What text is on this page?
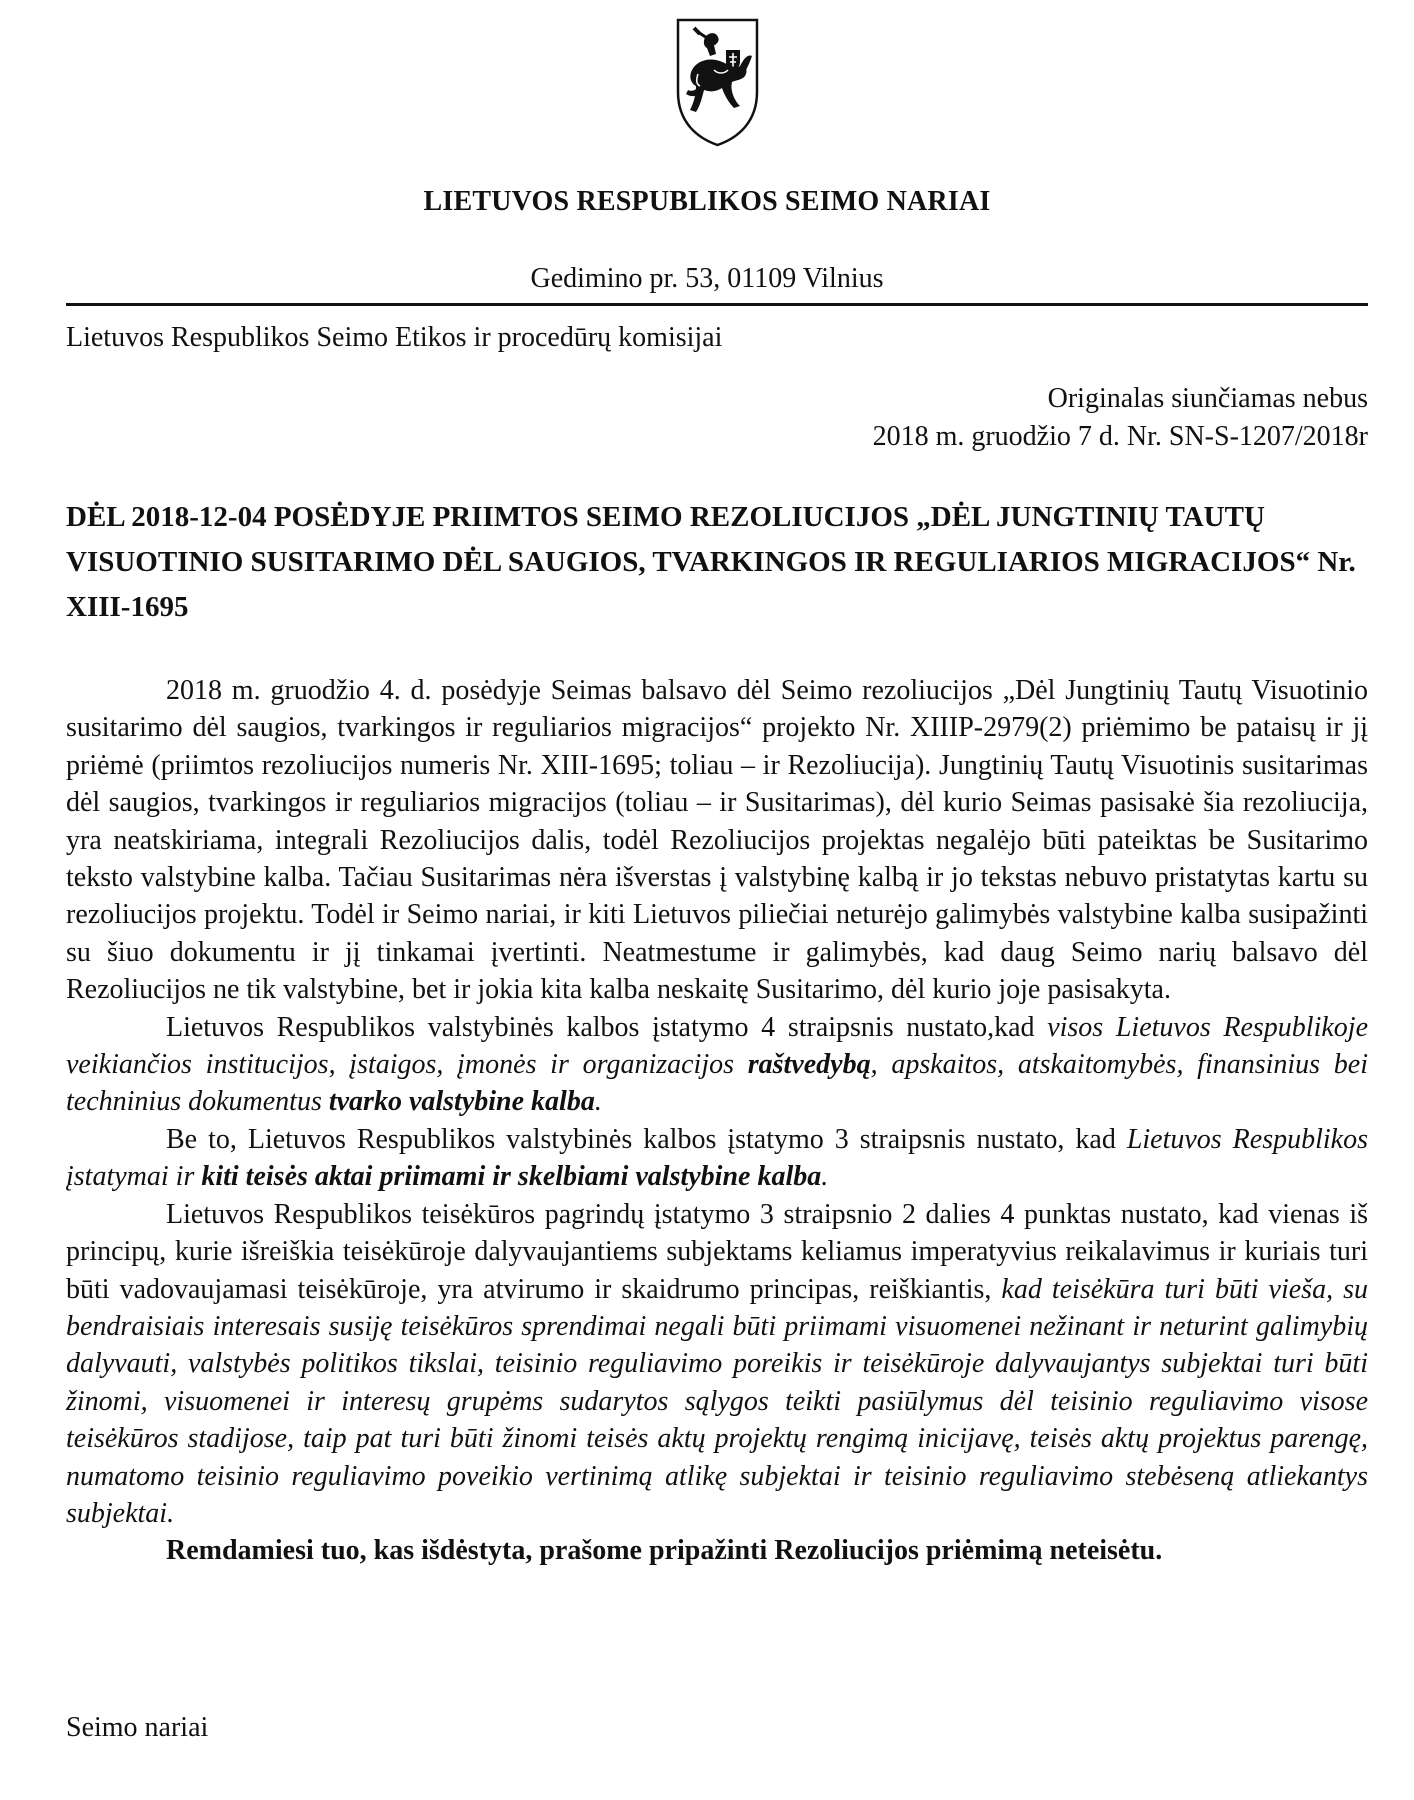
LIETUVOS RESPUBLIKOS SEIMO NARIAI
Gedimino pr. 53, 01109 Vilnius
Lietuvos Respublikos Seimo Etikos ir procedūrų komisijai
Originalas siunčiamas nebus
2018 m. gruodžio 7 d. Nr. SN-S-1207/2018r
DĖL 2018-12-04 POSĖDYJE PRIIMTOS SEIMO REZOLIUCIJOS „DĖL JUNGTINIŲ TAUTŲ VISUOTINIO SUSITARIMO DĖL SAUGIOS, TVARKINGOS IR REGULIARIOS MIGRACIJOS“ Nr. XIII-1695

2018 m. gruodžio 4. d. posėdyje Seimas balsavo dėl Seimo rezoliucijos „Dėl Jungtinių Tautų Visuotinio susitarimo dėl saugios, tvarkingos ir reguliarios migracijos“ projekto Nr. XIIIP-2979(2) priėmimo be pataisų ir jį priėmė (priimtos rezoliucijos numeris Nr. XIII-1695; toliau – ir Rezoliucija). Jungtinių Tautų Visuotinis susitarimas dėl saugios, tvarkingos ir reguliarios migracijos (toliau – ir Susitarimas), dėl kurio Seimas pasisakė šia rezoliucija, yra neatskiriama, integrali Rezoliucijos dalis, todėl Rezoliucijos projektas negalėjo būti pateiktas be Susitarimo teksto valstybine kalba. Tačiau Susitarimas nėra išverstas į valstybinę kalbą ir jo tekstas nebuvo pristatytas kartu su rezoliucijos projektu. Todėl ir Seimo nariai, ir kiti Lietuvos piliečiai neturėjo galimybės valstybine kalba susipažinti su šiuo dokumentu ir jį tinkamai įvertinti. Neatmestume ir galimybės, kad daug Seimo narių balsavo dėl Rezoliucijos ne tik valstybine, bet ir jokia kita kalba neskaitę Susitarimo, dėl kurio joje pasisakyta.

Lietuvos Respublikos valstybinės kalbos įstatymo 4 straipsnis nustato,kad visos Lietuvos Respublikoje veikiančios institucijos, įstaigos, įmonės ir organizacijos raštvedybą, apskaitos, atskaitomybės, finansinius bei techninius dokumentus tvarko valstybine kalba.

Be to, Lietuvos Respublikos valstybinės kalbos įstatymo 3 straipsnis nustato, kad Lietuvos Respublikos įstatymai ir kiti teisės aktai priimami ir skelbiami valstybine kalba.

Lietuvos Respublikos teisėkūros pagrindų įstatymo 3 straipsnio 2 dalies 4 punktas nustato, kad vienas iš principų, kurie išreiškia teisėkūroje dalyvaujantiems subjektams keliamus imperatyvius reikalavimus ir kuriais turi būti vadovaujamasi teisėkūroje, yra atvirumo ir skaidrumo principas, reiškiantis, kad teisėkūra turi būti vieša, su bendraisiais interesais susiję teisėkūros sprendimai negali būti priimami visuomenei nežinant ir neturint galimybių dalyvauti, valstybės politikos tikslai, teisinio reguliavimo poreikis ir teisėkūroje dalyvaujantys subjektai turi būti žinomi, visuomenei ir interesų grupėms sudarytos sąlygos teikti pasiūlymus dėl teisinio reguliavimo visose teisėkūros stadijose, taip pat turi būti žinomi teisės aktų projektų rengimą inicijavę, teisės aktų projektus parengę, numatomo teisinio reguliavimo poveikio vertinimą atlikę subjektai ir teisinio reguliavimo stebėseną atliekantys subjektai.

Remdamiesi tuo, kas išdėstyta, prašome pripažinti Rezoliucijos priėmimą neteisėtu.

Seimo nariai
